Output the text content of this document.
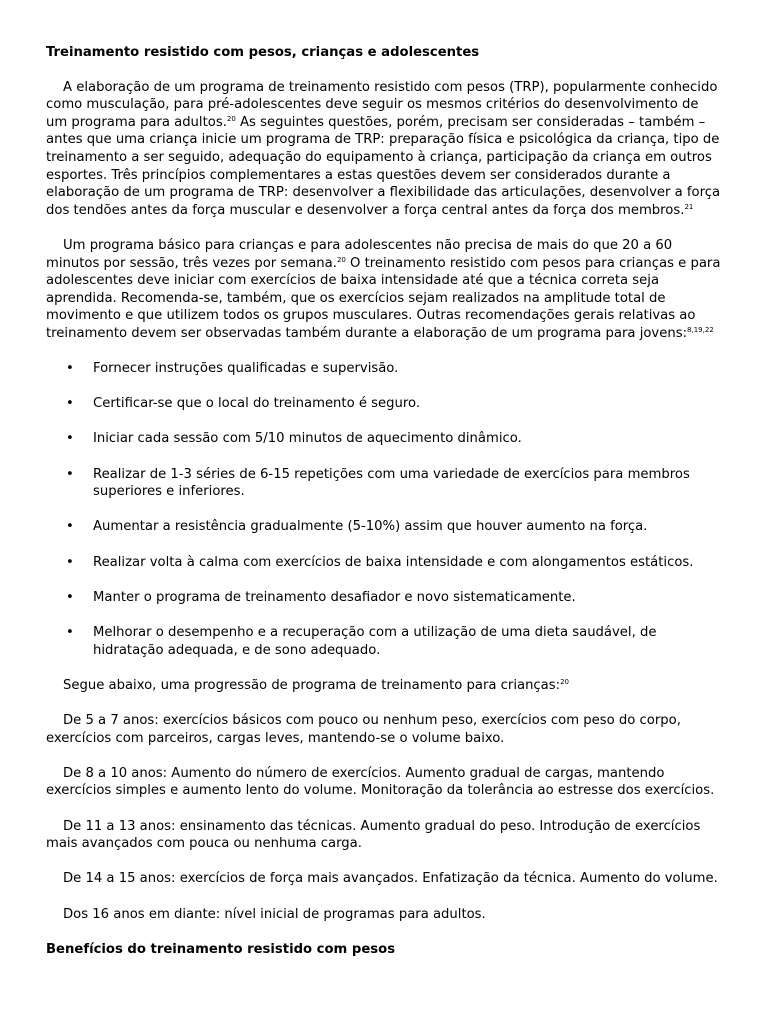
Treinamento resistido com pesos, crianças e adolescentes

A elaboração de um programa de treinamento resistido com pesos (TRP), popularmente conhecido como musculação, para pré-adolescentes deve seguir os mesmos critérios do desenvolvimento de um programa para adultos.$^{20}$ As seguintes questões, porém, precisam ser consideradas – também – antes que uma criança inicie um programa de TRP: preparação física e psicológica da criança, tipo de treinamento a ser seguido, adequação do equipamento à criança, participação da criança em outros esportes. Três princípios complementares a estas questões devem ser considerados durante a elaboração de um programa de TRP: desenvolver a flexibilidade das articulações, desenvolver a força dos tendões antes da força muscular e desenvolver a força central antes da força dos membros.$^{21}$

Um programa básico para crianças e para adolescentes não precisa de mais do que 20 a 60 minutos por sessão, três vezes por semana.$^{20}$ O treinamento resistido com pesos para crianças e para adolescentes deve iniciar com exercícios de baixa intensidade até que a técnica correta seja aprendida. Recomenda-se, também, que os exercícios sejam realizados na amplitude total de movimento e que utilizem todos os grupos musculares. Outras recomendações gerais relativas ao treinamento devem ser observadas também durante a elaboração de um programa para jovens:$^{8,19,22}$

• Fornecer instruções qualificadas e supervisão.
• Certificar-se que o local do treinamento é seguro.
• Iniciar cada sessão com 5/10 minutos de aquecimento dinâmico.
• Realizar de 1-3 séries de 6-15 repetições com uma variedade de exercícios para membros superiores e inferiores.
• Aumentar a resistência gradualmente (5-10%) assim que houver aumento na força.
• Realizar volta à calma com exercícios de baixa intensidade e com alongamentos estáticos.
• Manter o programa de treinamento desafiador e novo sistematicamente.
• Melhorar o desempenho e a recuperação com a utilização de uma dieta saudável, de hidratação adequada, e de sono adequado.

Segue abaixo, uma progressão de programa de treinamento para crianças:$^{20}$

De 5 a 7 anos: exercícios básicos com pouco ou nenhum peso, exercícios com peso do corpo, exercícios com parceiros, cargas leves, mantendo-se o volume baixo.

De 8 a 10 anos: Aumento do número de exercícios. Aumento gradual de cargas, mantendo exercícios simples e aumento lento do volume. Monitoração da tolerância ao estresse dos exercícios.

De 11 a 13 anos: ensinamento das técnicas. Aumento gradual do peso. Introdução de exercícios mais avançados com pouca ou nenhuma carga.

De 14 a 15 anos: exercícios de força mais avançados. Enfatização da técnica. Aumento do volume.

Dos 16 anos em diante: nível inicial de programas para adultos.

Benefícios do treinamento resistido com pesos
